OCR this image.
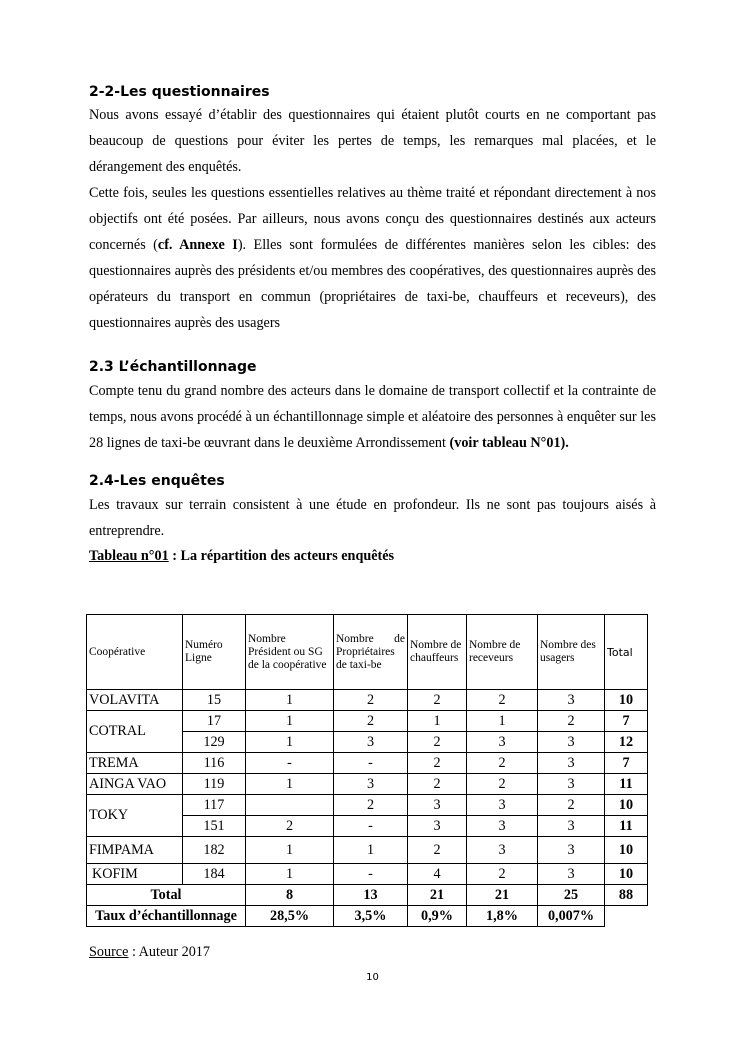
2-2-Les questionnaires

Nous avons essayé d’établir des questionnaires qui étaient plutôt courts en ne comportant pas beaucoup de questions pour éviter les pertes de temps, les remarques mal placées, et le dérangement des enquêtés.

Cette fois, seules les questions essentielles relatives au thème traité et répondant directement à nos objectifs ont été posées. Par ailleurs, nous avons conçu des questionnaires destinés aux acteurs concernés (cf. Annexe I). Elles sont formulées de différentes manières selon les cibles: des questionnaires auprès des présidents et/ou membres des coopératives, des questionnaires auprès des opérateurs du transport en commun (propriétaires de taxi-be, chauffeurs et receveurs), des questionnaires auprès des usagers

2.3 L’échantillonnage

Compte tenu du grand nombre des acteurs dans le domaine de transport collectif et la contrainte de temps, nous avons procédé à un échantillonnage simple et aléatoire des personnes à enquêter sur les 28 lignes de taxi-be œuvrant dans le deuxième Arrondissement (voir tableau N°01).

2.4-Les enquêtes

Les travaux sur terrain consistent à une étude en profondeur. Ils ne sont pas toujours aisés à entreprendre.

Tableau n°01 : La répartition des acteurs enquêtés
Coopérative	Numéro Ligne	Nombre Président ou SG de la coopérative	Nombre de Propriétaires de taxi-be	Nombre de chauffeurs	Nombre de receveurs	Nombre des usagers	Total
VOLAVITA	15	1	2	2	2	3	10
COTRAL	17	1	2	1	1	2	7
	129	1	3	2	3	3	12
TREMA	116	-	-	2	2	3	7
AINGA VAO	119	1	3	2	2	3	11
TOKY	117		2	3	3	2	10
	151	2	-	3	3	3	11
FIMPAMA	182	1	1	2	3	3	10
KOFIM	184	1	-	4	2	3	10
Total		8	13	21	21	25	88
Taux d’échantillonnage		28,5%	3,5%	0,9%	1,8%	0,007%	
Source : Auteur 2017
10
